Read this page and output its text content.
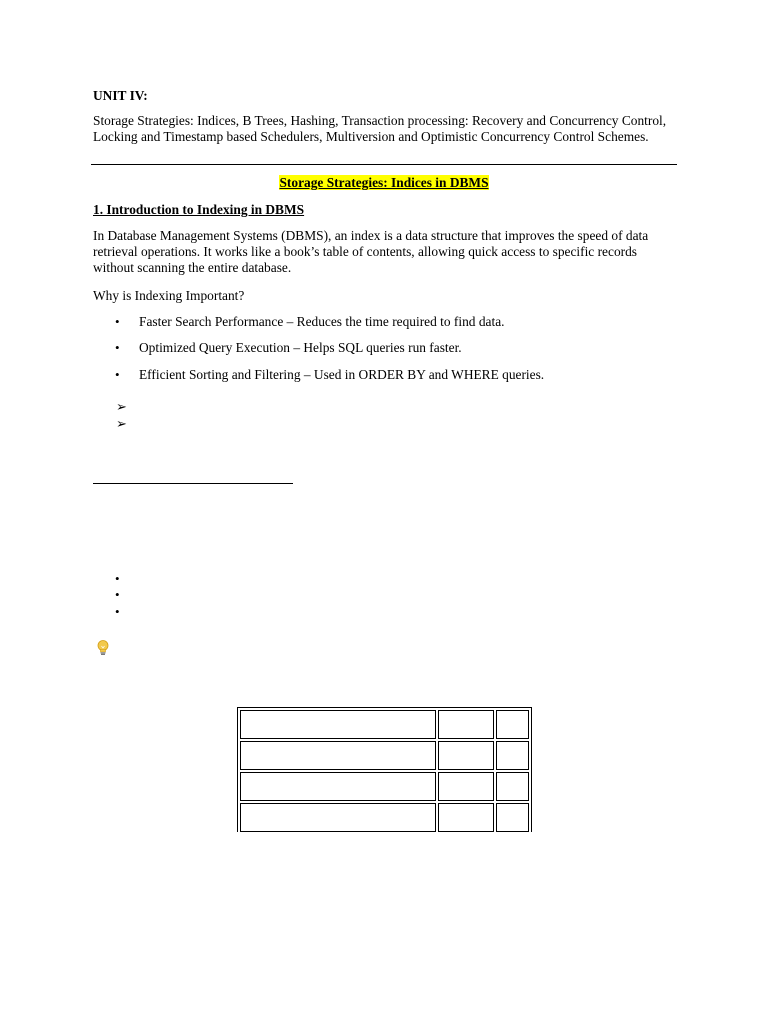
UNIT IV:
Storage Strategies: Indices, B Trees, Hashing, Transaction processing: Recovery and Concurrency Control, Locking and Timestamp based Schedulers, Multiversion and Optimistic Concurrency Control Schemes.
Storage Strategies: Indices in DBMS
1. Introduction to Indexing in DBMS
In Database Management Systems (DBMS), an index is a data structure that improves the speed of data retrieval operations. It works like a book’s table of contents, allowing quick access to specific records without scanning the entire database.
Why is Indexing Important?
•	Faster Search Performance – Reduces the time required to find data.
•	Optimized Query Execution – Helps SQL queries run faster.
•	Efficient Sorting and Filtering – Used in ORDER BY and WHERE queries.
➢
➢
•
•
•
